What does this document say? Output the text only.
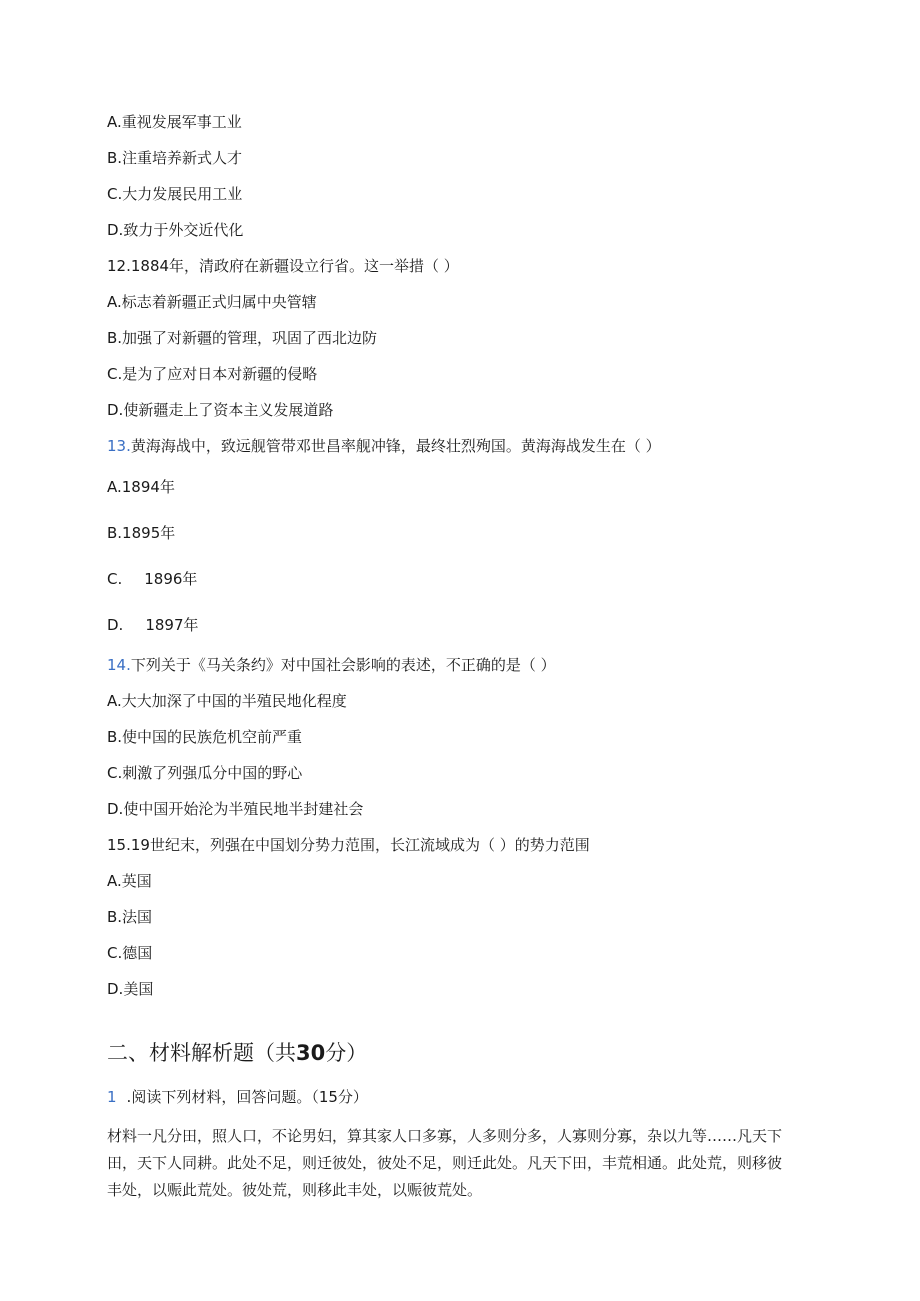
A.重视发展军事工业
B.注重培养新式人才
C.大力发展民用工业
D.致力于外交近代化
12.1884年，清政府在新疆设立行省。这一举措（ ）
A.标志着新疆正式归属中央管辖
B.加强了对新疆的管理，巩固了西北边防
C.是为了应对日本对新疆的侵略
D.使新疆走上了资本主义发展道路
13.黄海海战中，致远舰管带邓世昌率舰冲锋，最终壮烈殉国。黄海海战发生在（ ）
A.1894年
B.1895年
C. 1896年
D. 1897年
14.下列关于《马关条约》对中国社会影响的表述，不正确的是（ ）
A.大大加深了中国的半殖民地化程度
B.使中国的民族危机空前严重
C.刺激了列强瓜分中国的野心
D.使中国开始沦为半殖民地半封建社会
15.19世纪末，列强在中国划分势力范围，长江流域成为（ ）的势力范围
A.英国
B.法国
C.德国
D.美国
二、材料解析题（共30分）
1 .阅读下列材料，回答问题。（15分）
材料一凡分田，照人口，不论男妇，算其家人口多寡，人多则分多，人寡则分寡，杂以九等……凡天下
田，天下人同耕。此处不足，则迁彼处，彼处不足，则迁此处。凡天下田，丰荒相通。此处荒，则移彼
丰处，以赈此荒处。彼处荒，则移此丰处，以赈彼荒处。
